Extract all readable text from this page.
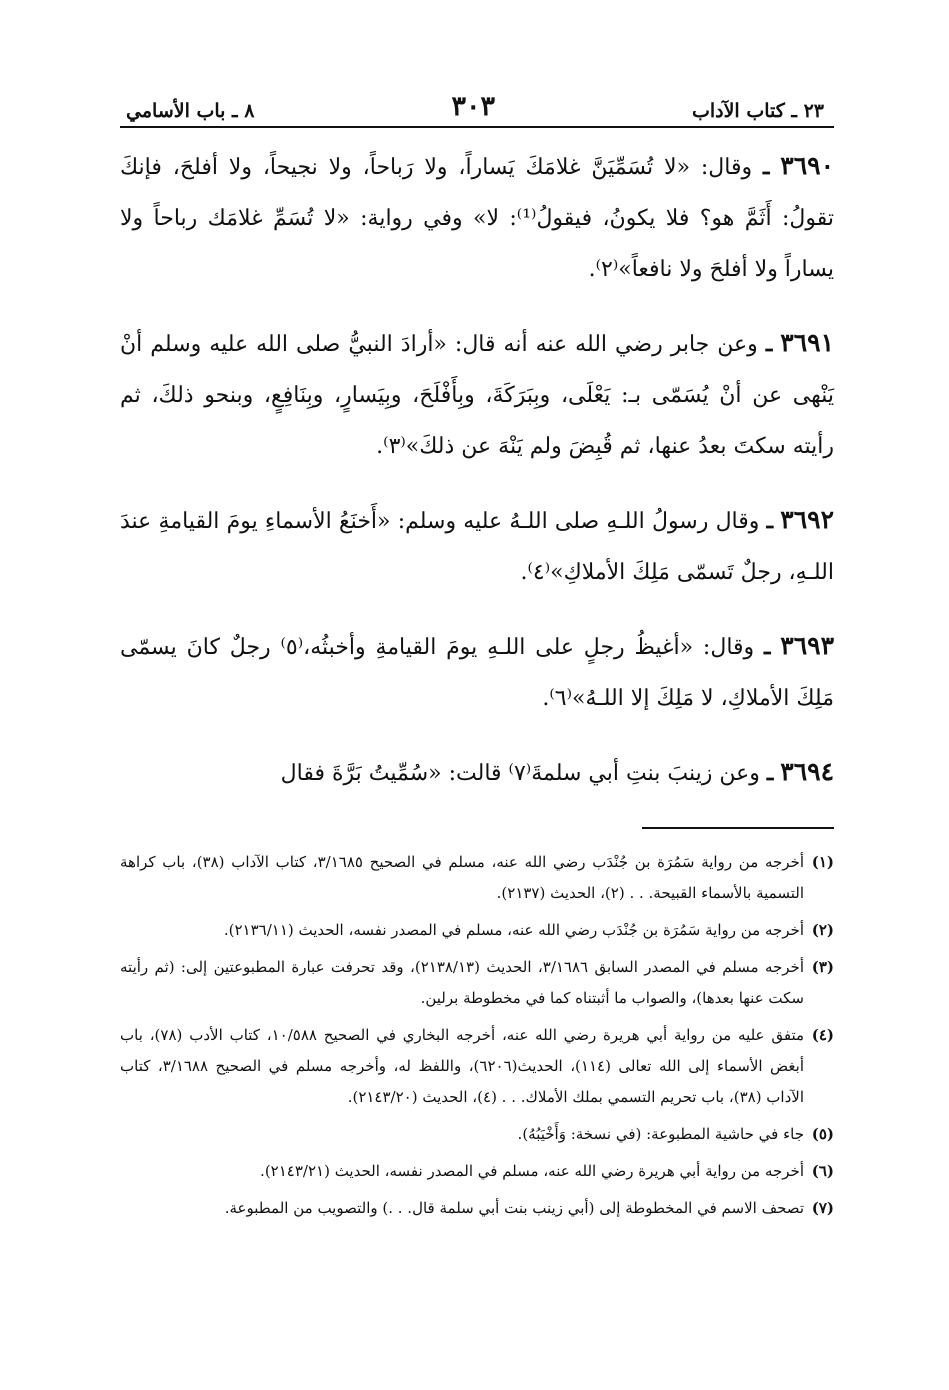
٢٣ ـ كتاب الآداب
٣٠٣
٨ ـ باب الأسامي

٣٦٩٠ ـ وقال: «لا تُسَمِّيَنَّ غلامَكَ يَساراً، ولا رَباحاً، ولا نجيحاً، ولا أفلحَ، فإنكَ تقولُ: أَثَمَّ هو؟ فلا يكونُ، فيقولُ⁽¹⁾: لا» وفي رواية: «لا تُسَمِّ غلامَك رباحاً ولا يساراً ولا أفلحَ ولا نافعاً»⁽٢⁾.

٣٦٩١ ـ وعن جابر رضي الله عنه أنه قال: «أرادَ النبيُّ صلى الله عليه وسلم أنْ يَنْهى عن أنْ يُسَمّى بـ: يَعْلَى، وبِبَرَكَةَ، وبِأَفْلَحَ، وبِيَسارٍ، وبِنَافِعٍ، وبنحو ذلكَ، ثم رأيته سكتَ بعدُ عنها، ثم قُبِضَ ولم يَنْهَ عن ذلكَ»⁽٣⁾.

٣٦٩٢ ـ وقال رسولُ اللـهِ صلى اللـهُ عليه وسلم: «أَخنَعُ الأسماءِ يومَ القيامةِ عندَ اللـهِ، رجلٌ تَسمّى مَلِكَ الأملاكِ»⁽٤⁾.

٣٦٩٣ ـ وقال: «أغيظُ رجلٍ على اللـهِ يومَ القيامةِ وأخبثُه،⁽٥⁾ رجلٌ كانَ يسمّى مَلِكَ الأملاكِ، لا مَلِكَ إلا اللـهُ»⁽٦⁾.

٣٦٩٤ ـ وعن زينبَ بنتِ أبي سلمةَ⁽٧⁾ قالت: «سُمِّيتُ بَرَّةَ فقال

(١)
أخرجه من رواية سَمُرَة بن جُنْدَب رضي الله عنه، مسلم في الصحيح ٣/١٦٨٥، كتاب الآداب (٣٨)، باب كراهة التسمية بالأسماء القبيحة. . . (٢)، الحديث (٢١٣٧).
(٢)
أخرجه من رواية سَمُرَة بن جُنْدَب رضي الله عنه، مسلم في المصدر نفسه، الحديث (٢١٣٦/١١).
(٣)
أخرجه مسلم في المصدر السابق ٣/١٦٨٦، الحديث (٢١٣٨/١٣)، وقد تحرفت عبارة المطبوعتين إلى: (ثم رأيته سكت عنها بعدها)، والصواب ما أثبتناه كما في مخطوطة برلين.
(٤)
متفق عليه من رواية أبي هريرة رضي الله عنه، أخرجه البخاري في الصحيح ١٠/٥٨٨، كتاب الأدب (٧٨)، باب أبغض الأسماء إلى الله تعالى (١١٤)، الحديث(٦٢٠٦)، واللفظ له، وأخرجه مسلم في الصحيح ٣/١٦٨٨، كتاب الآداب (٣٨)، باب تحريم التسمي بملك الأملاك. . . (٤)، الحديث (٢١٤٣/٢٠).
(٥)
جاء في حاشية المطبوعة: (في نسخة: وَأَخْيَبُهُ).
(٦)
أخرجه من رواية أبي هريرة رضي الله عنه، مسلم في المصدر نفسه، الحديث (٢١٤٣/٢١).
(٧)
تصحف الاسم في المخطوطة إلى (أبي زينب بنت أبي سلمة قال. . .) والتصويب من المطبوعة.
